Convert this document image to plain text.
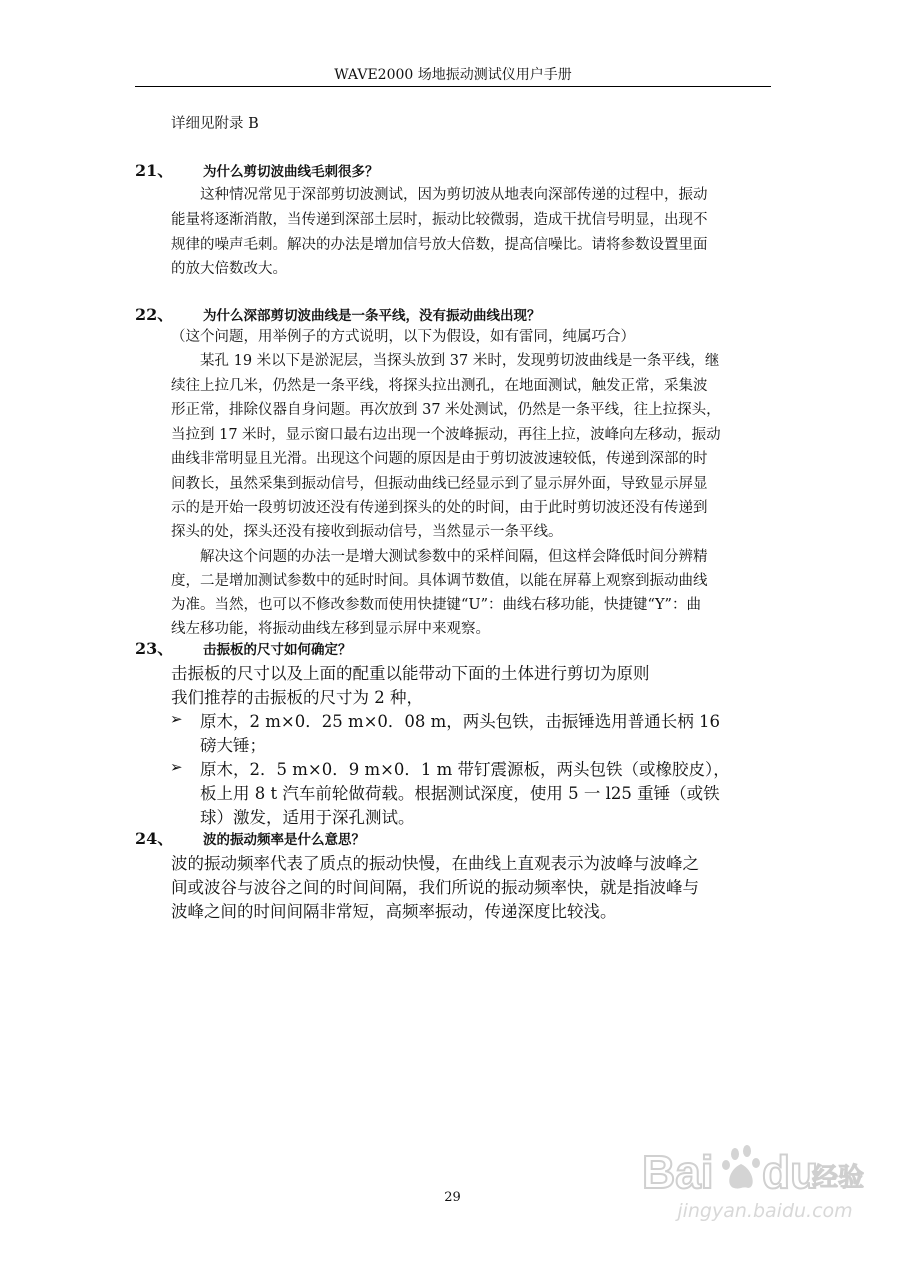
WAVE2000 场地振动测试仪用户手册
详细见附录 B
21、 为什么剪切波曲线毛刺很多？
这种情况常见于深部剪切波测试，因为剪切波从地表向深部传递的过程中，振动
能量将逐渐消散，当传递到深部土层时，振动比较微弱，造成干扰信号明显，出现不
规律的噪声毛刺。解决的办法是增加信号放大倍数，提高信噪比。请将参数设置里面
的放大倍数改大。
22、 为什么深部剪切波曲线是一条平线，没有振动曲线出现？
（这个问题，用举例子的方式说明，以下为假设，如有雷同，纯属巧合）
某孔 19 米以下是淤泥层，当探头放到 37 米时，发现剪切波曲线是一条平线，继
续往上拉几米，仍然是一条平线，将探头拉出测孔，在地面测试，触发正常，采集波
形正常，排除仪器自身问题。再次放到 37 米处测试，仍然是一条平线，往上拉探头，
当拉到 17 米时，显示窗口最右边出现一个波峰振动，再往上拉，波峰向左移动，振动
曲线非常明显且光滑。出现这个问题的原因是由于剪切波波速较低，传递到深部的时
间教长，虽然采集到振动信号，但振动曲线已经显示到了显示屏外面，导致显示屏显
示的是开始一段剪切波还没有传递到探头的处的时间，由于此时剪切波还没有传递到
探头的处，探头还没有接收到振动信号，当然显示一条平线。
解决这个问题的办法一是增大测试参数中的采样间隔，但这样会降低时间分辨精
度，二是增加测试参数中的延时时间。具体调节数值，以能在屏幕上观察到振动曲线
为准。当然，也可以不修改参数而使用快捷键“U”：曲线右移功能，快捷键“Y”：曲
线左移功能，将振动曲线左移到显示屏中来观察。
23、 击振板的尺寸如何确定？
击振板的尺寸以及上面的配重以能带动下面的土体进行剪切为原则
我们推荐的击振板的尺寸为 2 种，
➢ 原木，2 m×0．25 m×0．08 m，两头包铁，击振锤选用普通长柄 16
磅大锤；
➢ 原木，2．5 m×0．9 m×0．1 m 带钉震源板，两头包铁（或橡胶皮），
板上用 8 t 汽车前轮做荷载。根据测试深度，使用 5 一 l25 重锤（或铁
球）激发，适用于深孔测试。
24、 波的振动频率是什么意思？
波的振动频率代表了质点的振动快慢，在曲线上直观表示为波峰与波峰之
间或波谷与波谷之间的时间间隔，我们所说的振动频率快，就是指波峰与
波峰之间的时间间隔非常短，高频率振动，传递深度比较浅。
29	Bai du
经验
jingyan.baidu.com
